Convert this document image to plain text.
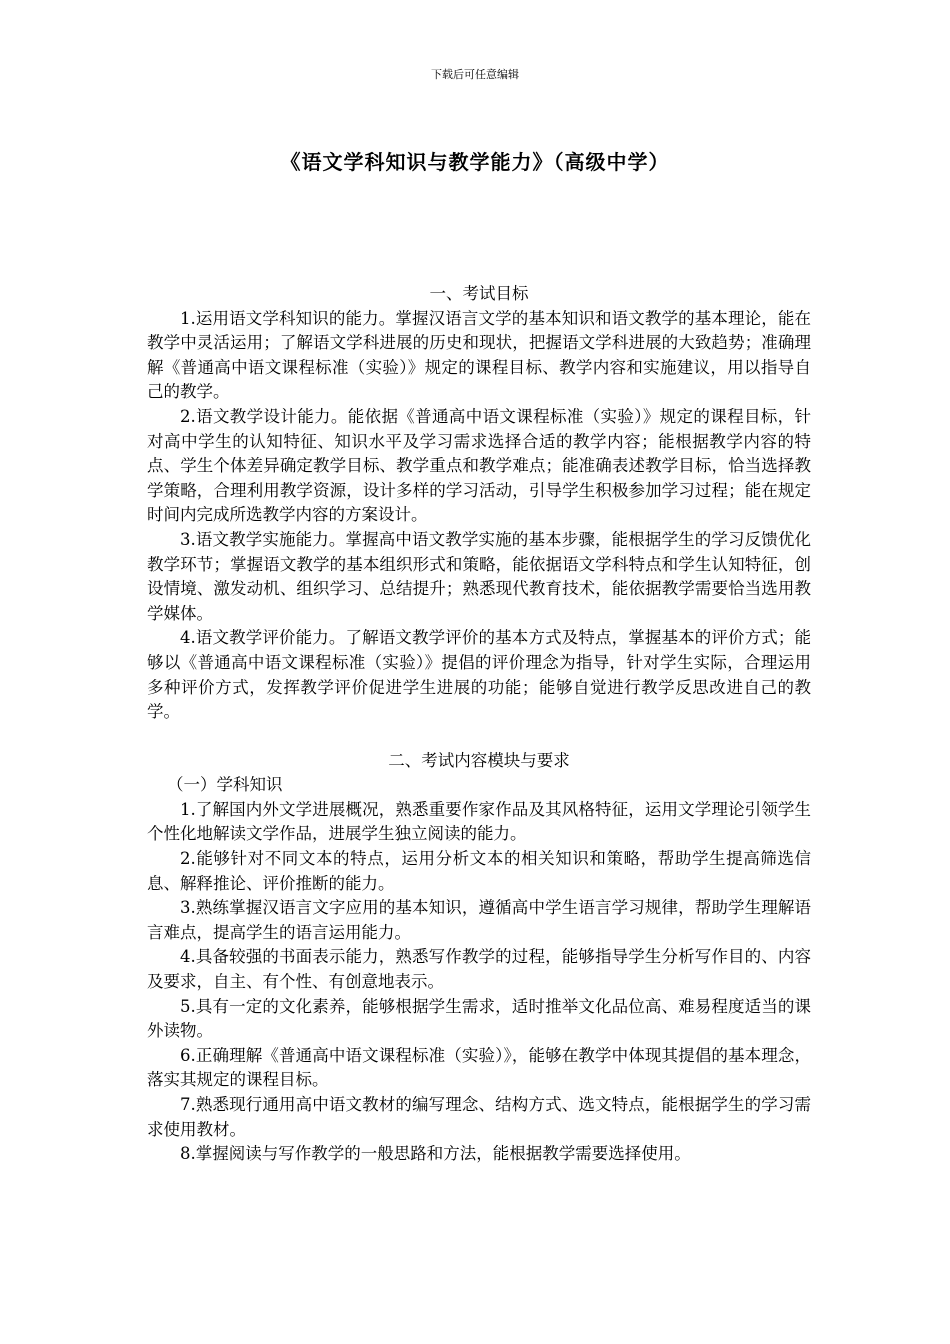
下载后可任意编辑
《语文学科知识与教学能力》（高级中学）

一、考试目标

1.运用语文学科知识的能力。掌握汉语言文学的基本知识和语文教学的基本理论，能在教学中灵活运用；了解语文学科进展的历史和现状，把握语文学科进展的大致趋势；准确理解《普通高中语文课程标准（实验）》规定的课程目标、教学内容和实施建议，用以指导自己的教学。

2.语文教学设计能力。能依据《普通高中语文课程标准（实验）》规定的课程目标，针对高中学生的认知特征、知识水平及学习需求选择合适的教学内容；能根据教学内容的特点、学生个体差异确定教学目标、教学重点和教学难点；能准确表述教学目标，恰当选择教学策略，合理利用教学资源，设计多样的学习活动，引导学生积极参加学习过程；能在规定时间内完成所选教学内容的方案设计。

3.语文教学实施能力。掌握高中语文教学实施的基本步骤，能根据学生的学习反馈优化教学环节；掌握语文教学的基本组织形式和策略，能依据语文学科特点和学生认知特征，创设情境、激发动机、组织学习、总结提升；熟悉现代教育技术，能依据教学需要恰当选用教学媒体。

4.语文教学评价能力。了解语文教学评价的基本方式及特点，掌握基本的评价方式；能够以《普通高中语文课程标准（实验）》提倡的评价理念为指导，针对学生实际，合理运用多种评价方式，发挥教学评价促进学生进展的功能；能够自觉进行教学反思改进自己的教学。

二、考试内容模块与要求

（一）学科知识

1.了解国内外文学进展概况，熟悉重要作家作品及其风格特征，运用文学理论引领学生个性化地解读文学作品，进展学生独立阅读的能力。

2.能够针对不同文本的特点，运用分析文本的相关知识和策略，帮助学生提高筛选信息、解释推论、评价推断的能力。

3.熟练掌握汉语言文字应用的基本知识，遵循高中学生语言学习规律，帮助学生理解语言难点，提高学生的语言运用能力。

4.具备较强的书面表示能力，熟悉写作教学的过程，能够指导学生分析写作目的、内容及要求，自主、有个性、有创意地表示。

5.具有一定的文化素养，能够根据学生需求，适时推举文化品位高、难易程度适当的课外读物。

6.正确理解《普通高中语文课程标准（实验）》，能够在教学中体现其提倡的基本理念，落实其规定的课程目标。

7.熟悉现行通用高中语文教材的编写理念、结构方式、选文特点，能根据学生的学习需求使用教材。

8.掌握阅读与写作教学的一般思路和方法，能根据教学需要选择使用。
